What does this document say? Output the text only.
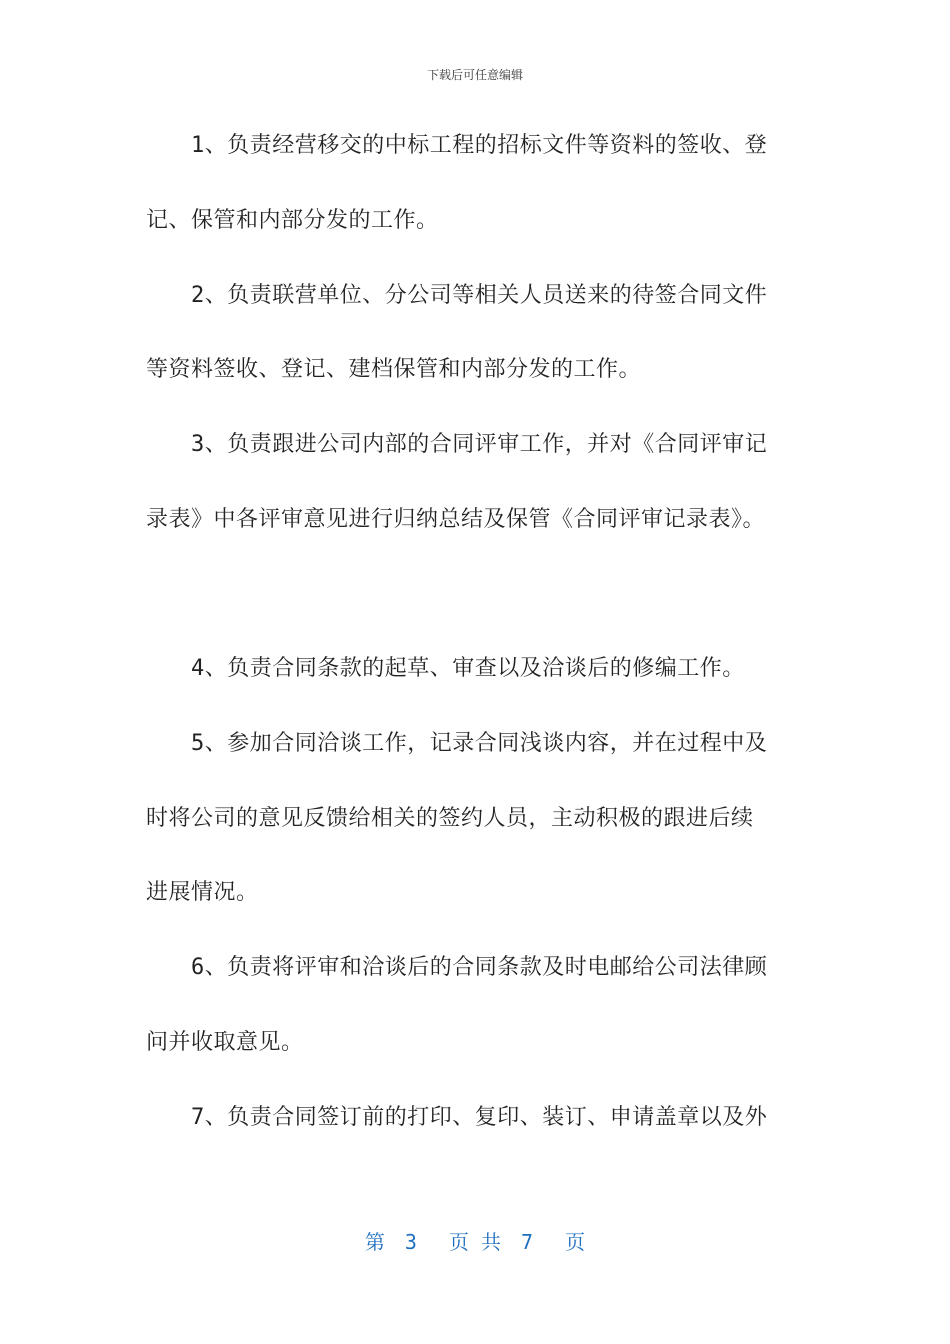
下载后可任意编辑
　　1、负责经营移交的中标工程的招标文件等资料的签收、登
记、保管和内部分发的工作。
　　2、负责联营单位、分公司等相关人员送来的待签合同文件
等资料签收、登记、建档保管和内部分发的工作。
　　3、负责跟进公司内部的合同评审工作，并对《合同评审记
录表》中各评审意见进行归纳总结及保管《合同评审记录表》。
　　4、负责合同条款的起草、审查以及洽谈后的修编工作。
　　5、参加合同洽谈工作，记录合同浅谈内容，并在过程中及
时将公司的意见反馈给相关的签约人员，主动积极的跟进后续
进展情况。
　　6、负责将评审和洽谈后的合同条款及时电邮给公司法律顾
问并收取意见。
　　7、负责合同签订前的打印、复印、装订、申请盖章以及外
第　3　 页 共　7　 页
